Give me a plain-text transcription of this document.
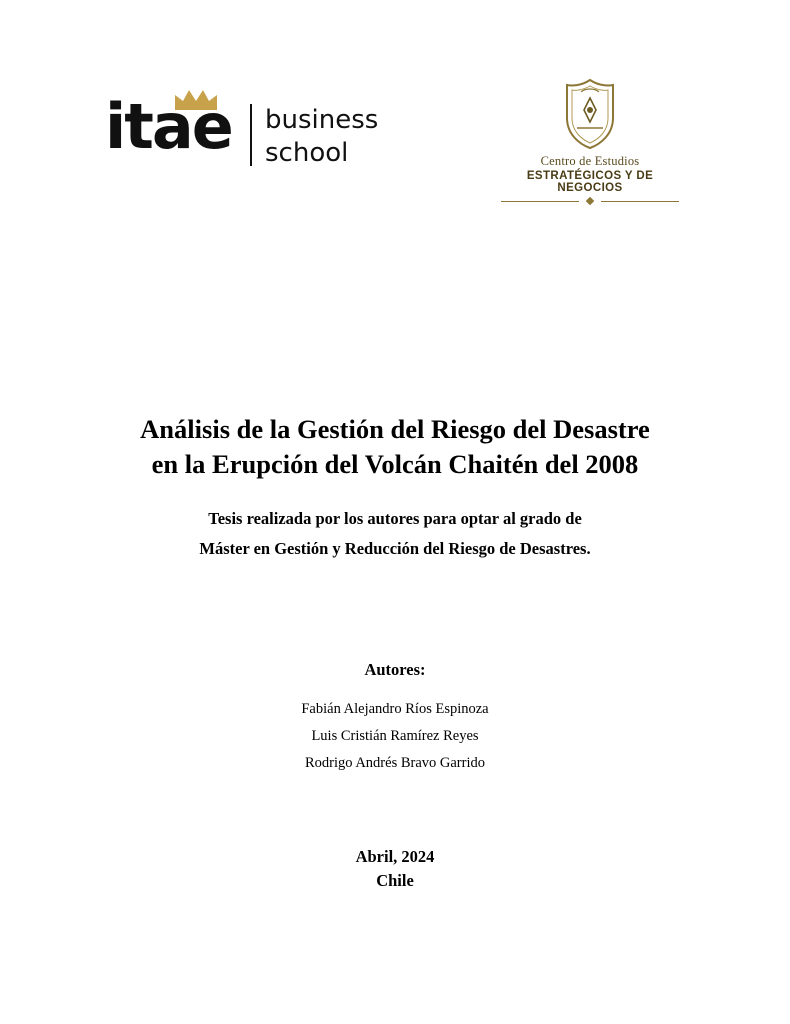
itae business
school	Centro de Estudios
ESTRATÉGICOS Y DE NEGOCIOS
Análisis de la Gestión del Riesgo del Desastre
en la Erupción del Volcán Chaitén del 2008
Tesis realizada por los autores para optar al grado de
Máster en Gestión y Reducción del Riesgo de Desastres.
Autores:
Fabián Alejandro Ríos Espinoza
Luis Cristián Ramírez Reyes
Rodrigo Andrés Bravo Garrido
Abril, 2024
Chile
